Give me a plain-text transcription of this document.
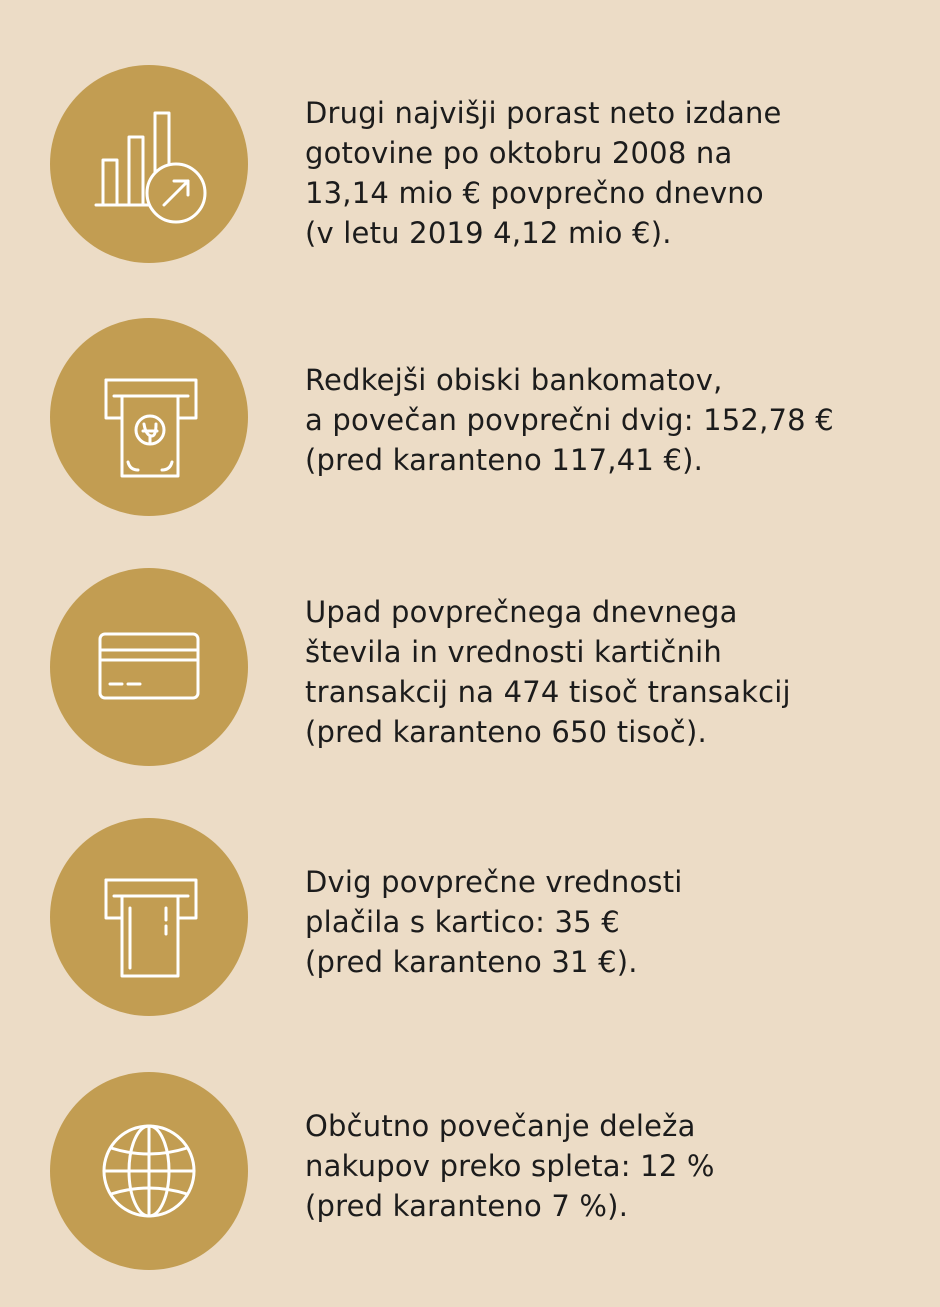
Drugi najvišji porast neto izdane
gotovine po oktobru 2008 na
13,14 mio € povprečno dnevno
(v letu 2019 4,12 mio €).
Redkejši obiski bankomatov,
a povečan povprečni dvig: 152,78 €
(pred karanteno 117,41 €).
Upad povprečnega dnevnega
števila in vrednosti kartičnih
transakcij na 474 tisoč transakcij
(pred karanteno 650 tisoč).
Dvig povprečne vrednosti
plačila s kartico: 35 €
(pred karanteno 31 €).
Občutno povečanje deleža
nakupov preko spleta: 12 %
(pred karanteno 7 %).
